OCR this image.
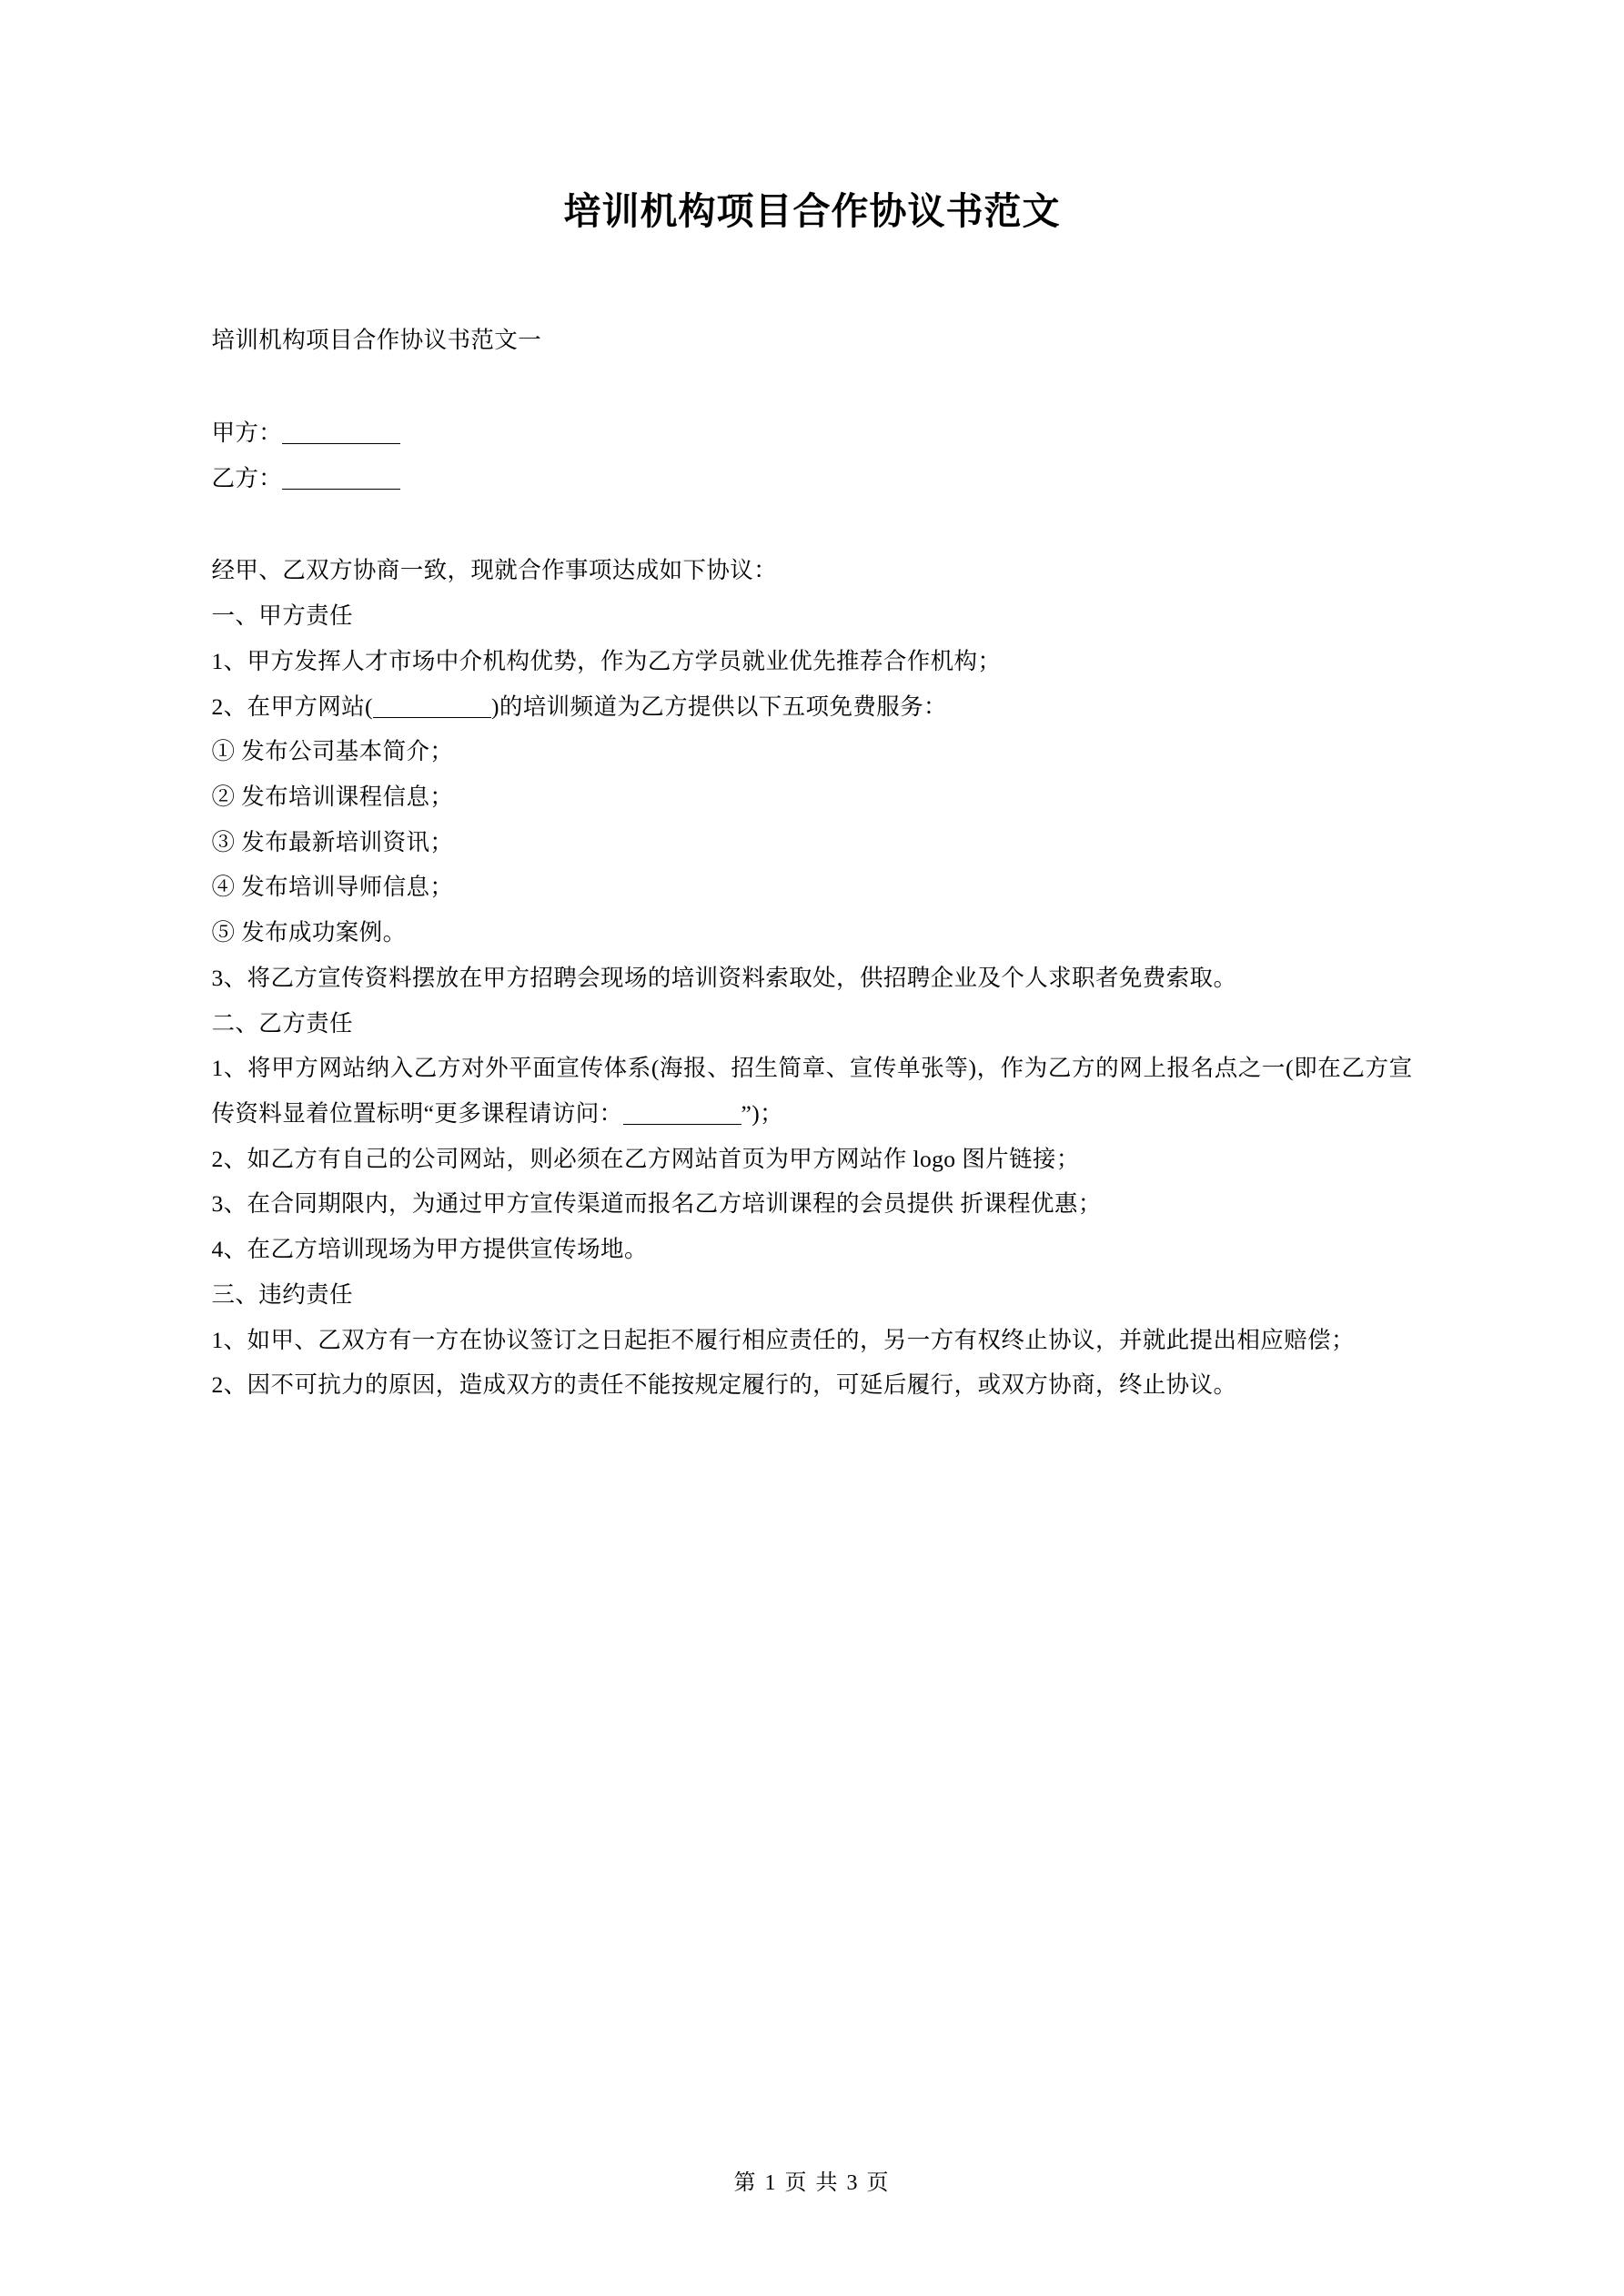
培训机构项目合作协议书范文

培训机构项目合作协议书范文一

甲方：

乙方：

经甲、乙双方协商一致，现就合作事项达成如下协议：

一、甲方责任

1、甲方发挥人才市场中介机构优势，作为乙方学员就业优先推荐合作机构；

2、在甲方网站(	)的培训频道为乙方提供以下五项免费服务：

① 发布公司基本简介；

② 发布培训课程信息；

③ 发布最新培训资讯；

④ 发布培训导师信息；

⑤ 发布成功案例。

3、将乙方宣传资料摆放在甲方招聘会现场的培训资料索取处，供招聘企业及个人求职者免费索取。

二、乙方责任

1、将甲方网站纳入乙方对外平面宣传体系(海报、招生简章、宣传单张等)，作为乙方的网上报名点之一(即在乙方宣传资料显着位置标明“更多课程请访问：	”)；

2、如乙方有自己的公司网站，则必须在乙方网站首页为甲方网站作 logo 图片链接；

3、在合同期限内，为通过甲方宣传渠道而报名乙方培训课程的会员提供 折课程优惠；

4、在乙方培训现场为甲方提供宣传场地。

三、违约责任

1、如甲、乙双方有一方在协议签订之日起拒不履行相应责任的，另一方有权终止协议，并就此提出相应赔偿；

2、因不可抗力的原因，造成双方的责任不能按规定履行的，可延后履行，或双方协商，终止协议。

第 1 页 共 3 页
